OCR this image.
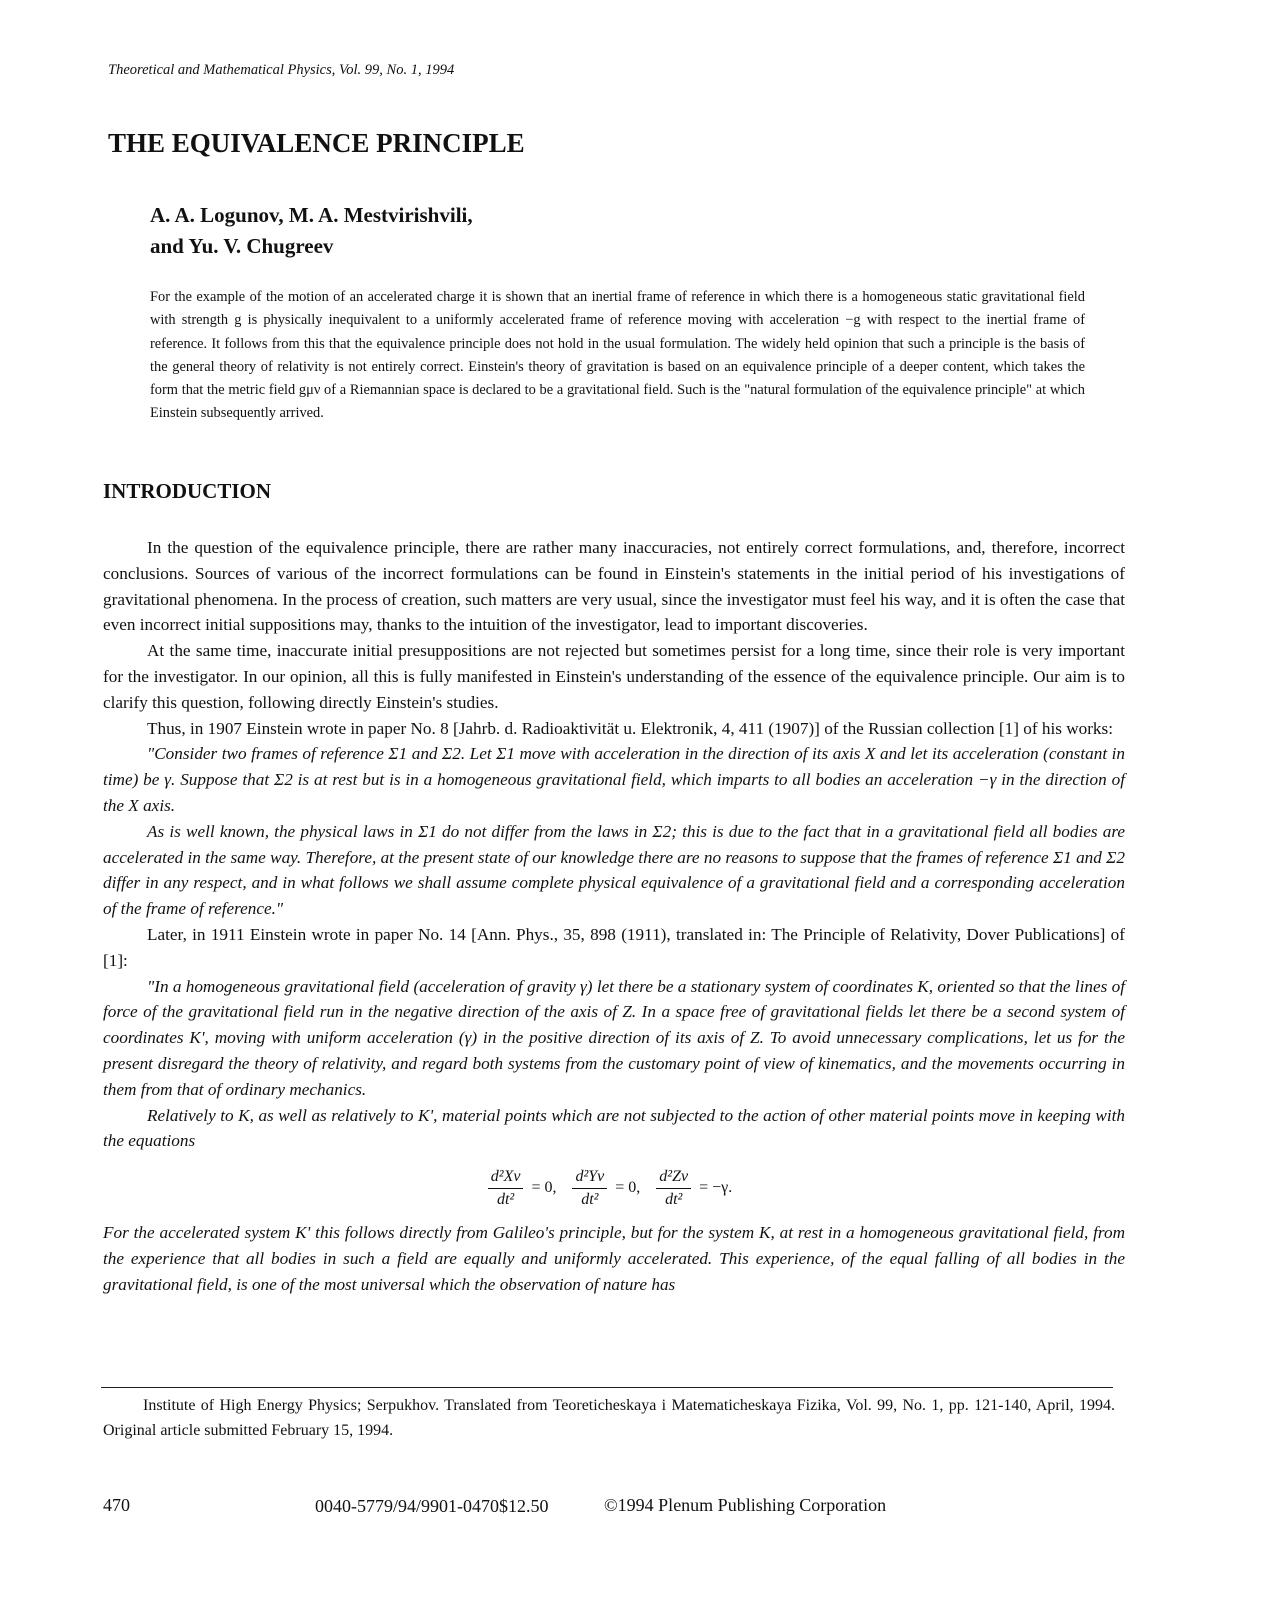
Theoretical and Mathematical Physics, Vol. 99, No. 1, 1994
THE EQUIVALENCE PRINCIPLE
A. A. Logunov, M. A. Mestvirishvili,
and Yu. V. Chugreev

For the example of the motion of an accelerated charge it is shown that an inertial frame of reference in which there is a homogeneous static gravitational field with strength g is physically inequivalent to a uniformly accelerated frame of reference moving with acceleration −g with respect to the inertial frame of reference. It follows from this that the equivalence principle does not hold in the usual formulation. The widely held opinion that such a principle is the basis of the general theory of relativity is not entirely correct. Einstein's theory of gravitation is based on an equivalence principle of a deeper content, which takes the form that the metric field gμν of a Riemannian space is declared to be a gravitational field. Such is the "natural formulation of the equivalence principle" at which Einstein subsequently arrived.

INTRODUCTION

In the question of the equivalence principle, there are rather many inaccuracies, not entirely correct formulations, and, therefore, incorrect conclusions. Sources of various of the incorrect formulations can be found in Einstein's statements in the initial period of his investigations of gravitational phenomena. In the process of creation, such matters are very usual, since the investigator must feel his way, and it is often the case that even incorrect initial suppositions may, thanks to the intuition of the investigator, lead to important discoveries.

At the same time, inaccurate initial presuppositions are not rejected but sometimes persist for a long time, since their role is very important for the investigator. In our opinion, all this is fully manifested in Einstein's understanding of the essence of the equivalence principle. Our aim is to clarify this question, following directly Einstein's studies.

Thus, in 1907 Einstein wrote in paper No. 8 [Jahrb. d. Radioaktivität u. Elektronik, 4, 411 (1907)] of the Russian collection [1] of his works:

"Consider two frames of reference Σ1 and Σ2. Let Σ1 move with acceleration in the direction of its axis X and let its acceleration (constant in time) be γ. Suppose that Σ2 is at rest but is in a homogeneous gravitational field, which imparts to all bodies an acceleration −γ in the direction of the X axis.

As is well known, the physical laws in Σ1 do not differ from the laws in Σ2; this is due to the fact that in a gravitational field all bodies are accelerated in the same way. Therefore, at the present state of our knowledge there are no reasons to suppose that the frames of reference Σ1 and Σ2 differ in any respect, and in what follows we shall assume complete physical equivalence of a gravitational field and a corresponding acceleration of the frame of reference."

Later, in 1911 Einstein wrote in paper No. 14 [Ann. Phys., 35, 898 (1911), translated in: The Principle of Relativity, Dover Publications] of [1]:

"In a homogeneous gravitational field (acceleration of gravity γ) let there be a stationary system of coordinates K, oriented so that the lines of force of the gravitational field run in the negative direction of the axis of Z. In a space free of gravitational fields let there be a second system of coordinates K', moving with uniform acceleration (γ) in the positive direction of its axis of Z. To avoid unnecessary complications, let us for the present disregard the theory of relativity, and regard both systems from the customary point of view of kinematics, and the movements occurring in them from that of ordinary mechanics.

Relatively to K, as well as relatively to K', material points which are not subjected to the action of other material points move in keeping with the equations

$\frac{\text{d²Xν}}{\text{dt²}} = 0$, $\frac{\text{d²Yν}}{\text{dt²}} = 0$, $\frac{\text{d²Zν}}{\text{dt²}} = -\gamma$.

For the accelerated system K' this follows directly from Galileo's principle, but for the system K, at rest in a homogeneous gravitational field, from the experience that all bodies in such a field are equally and uniformly accelerated. This experience, of the equal falling of all bodies in the gravitational field, is one of the most universal which the observation of nature has

Institute of High Energy Physics; Serpukhov. Translated from Teoreticheskaya i Matematicheskaya Fizika, Vol. 99, No. 1, pp. 121-140, April, 1994. Original article submitted February 15, 1994.

470	0040-5779/94/9901-0470$12.50	©1994 Plenum Publishing Corporation
